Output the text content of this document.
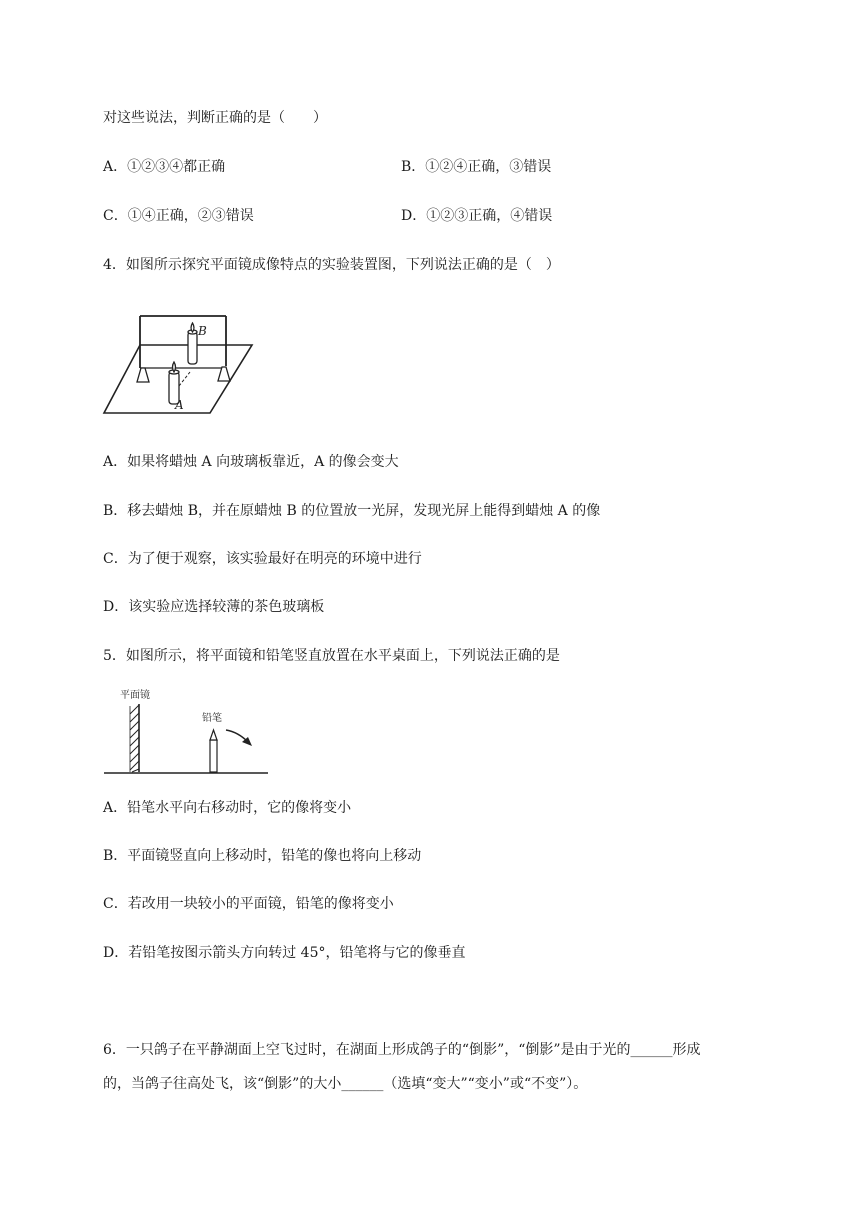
对这些说法，判断正确的是（　　）
A．①②③④都正确	B．①②④正确，③错误
C．①④正确，②③错误	D．①②③正确，④错误
4．如图所示探究平面镜成像特点的实验装置图，下列说法正确的是（　）
B
A
A．如果将蜡烛 A 向玻璃板靠近，A 的像会变大
B．移去蜡烛 B，并在原蜡烛 B 的位置放一光屏，发现光屏上能得到蜡烛 A 的像
C．为了便于观察，该实验最好在明亮的环境中进行
D．该实验应选择较薄的茶色玻璃板
5．如图所示，将平面镜和铅笔竖直放置在水平桌面上，下列说法正确的是
平面镜
铅笔
A．铅笔水平向右移动时，它的像将变小
B．平面镜竖直向上移动时，铅笔的像也将向上移动
C．若改用一块较小的平面镜，铅笔的像将变小
D．若铅笔按图示箭头方向转过 45°，铅笔将与它的像垂直
6．一只鸽子在平静湖面上空飞过时，在湖面上形成鸽子的“倒影”，“倒影”是由于光的______形成
的，当鸽子往高处飞，该“倒影”的大小______（选填“变大”“变小”或“不变”）。
